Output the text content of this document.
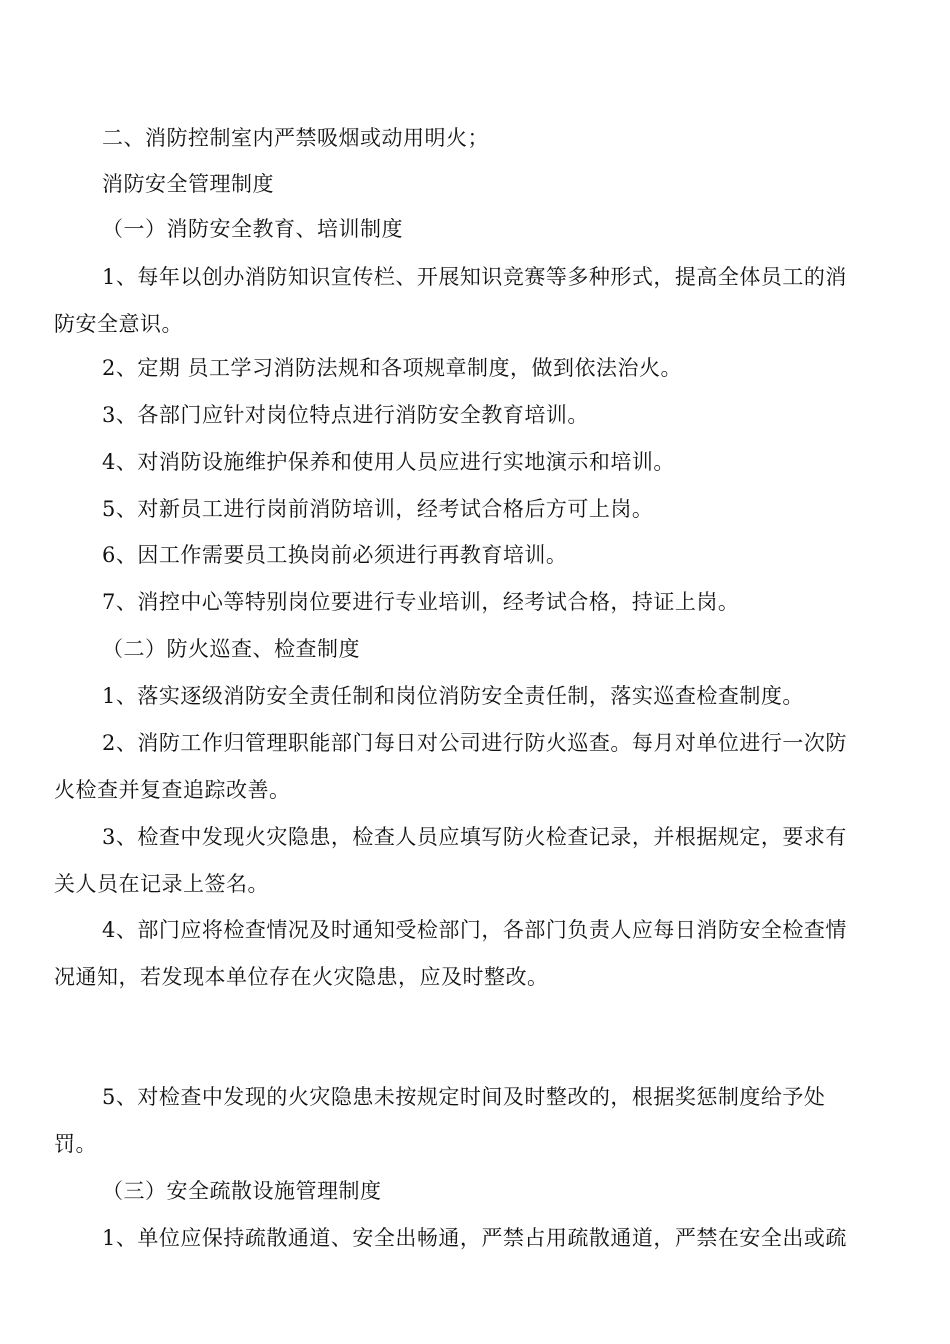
二、消防控制室内严禁吸烟或动用明火；
消防安全管理制度
（一）消防安全教育、培训制度
1、每年以创办消防知识宣传栏、开展知识竞赛等多种形式，提高全体员工的消
防安全意识。
2、定期 员工学习消防法规和各项规章制度，做到依法治火。
3、各部门应针对岗位特点进行消防安全教育培训。
4、对消防设施维护保养和使用人员应进行实地演示和培训。
5、对新员工进行岗前消防培训，经考试合格后方可上岗。
6、因工作需要员工换岗前必须进行再教育培训。
7、消控中心等特别岗位要进行专业培训，经考试合格，持证上岗。
（二）防火巡查、检查制度
1、落实逐级消防安全责任制和岗位消防安全责任制，落实巡查检查制度。
2、消防工作归管理职能部门每日对公司进行防火巡查。每月对单位进行一次防
火检查并复查追踪改善。
3、检查中发现火灾隐患，检查人员应填写防火检查记录，并根据规定，要求有
关人员在记录上签名。
4、部门应将检查情况及时通知受检部门，各部门负责人应每日消防安全检查情
况通知，若发现本单位存在火灾隐患，应及时整改。
5、对检查中发现的火灾隐患未按规定时间及时整改的，根据奖惩制度给予处
罚。
（三）安全疏散设施管理制度
1、单位应保持疏散通道、安全出畅通，严禁占用疏散通道，严禁在安全出或疏
